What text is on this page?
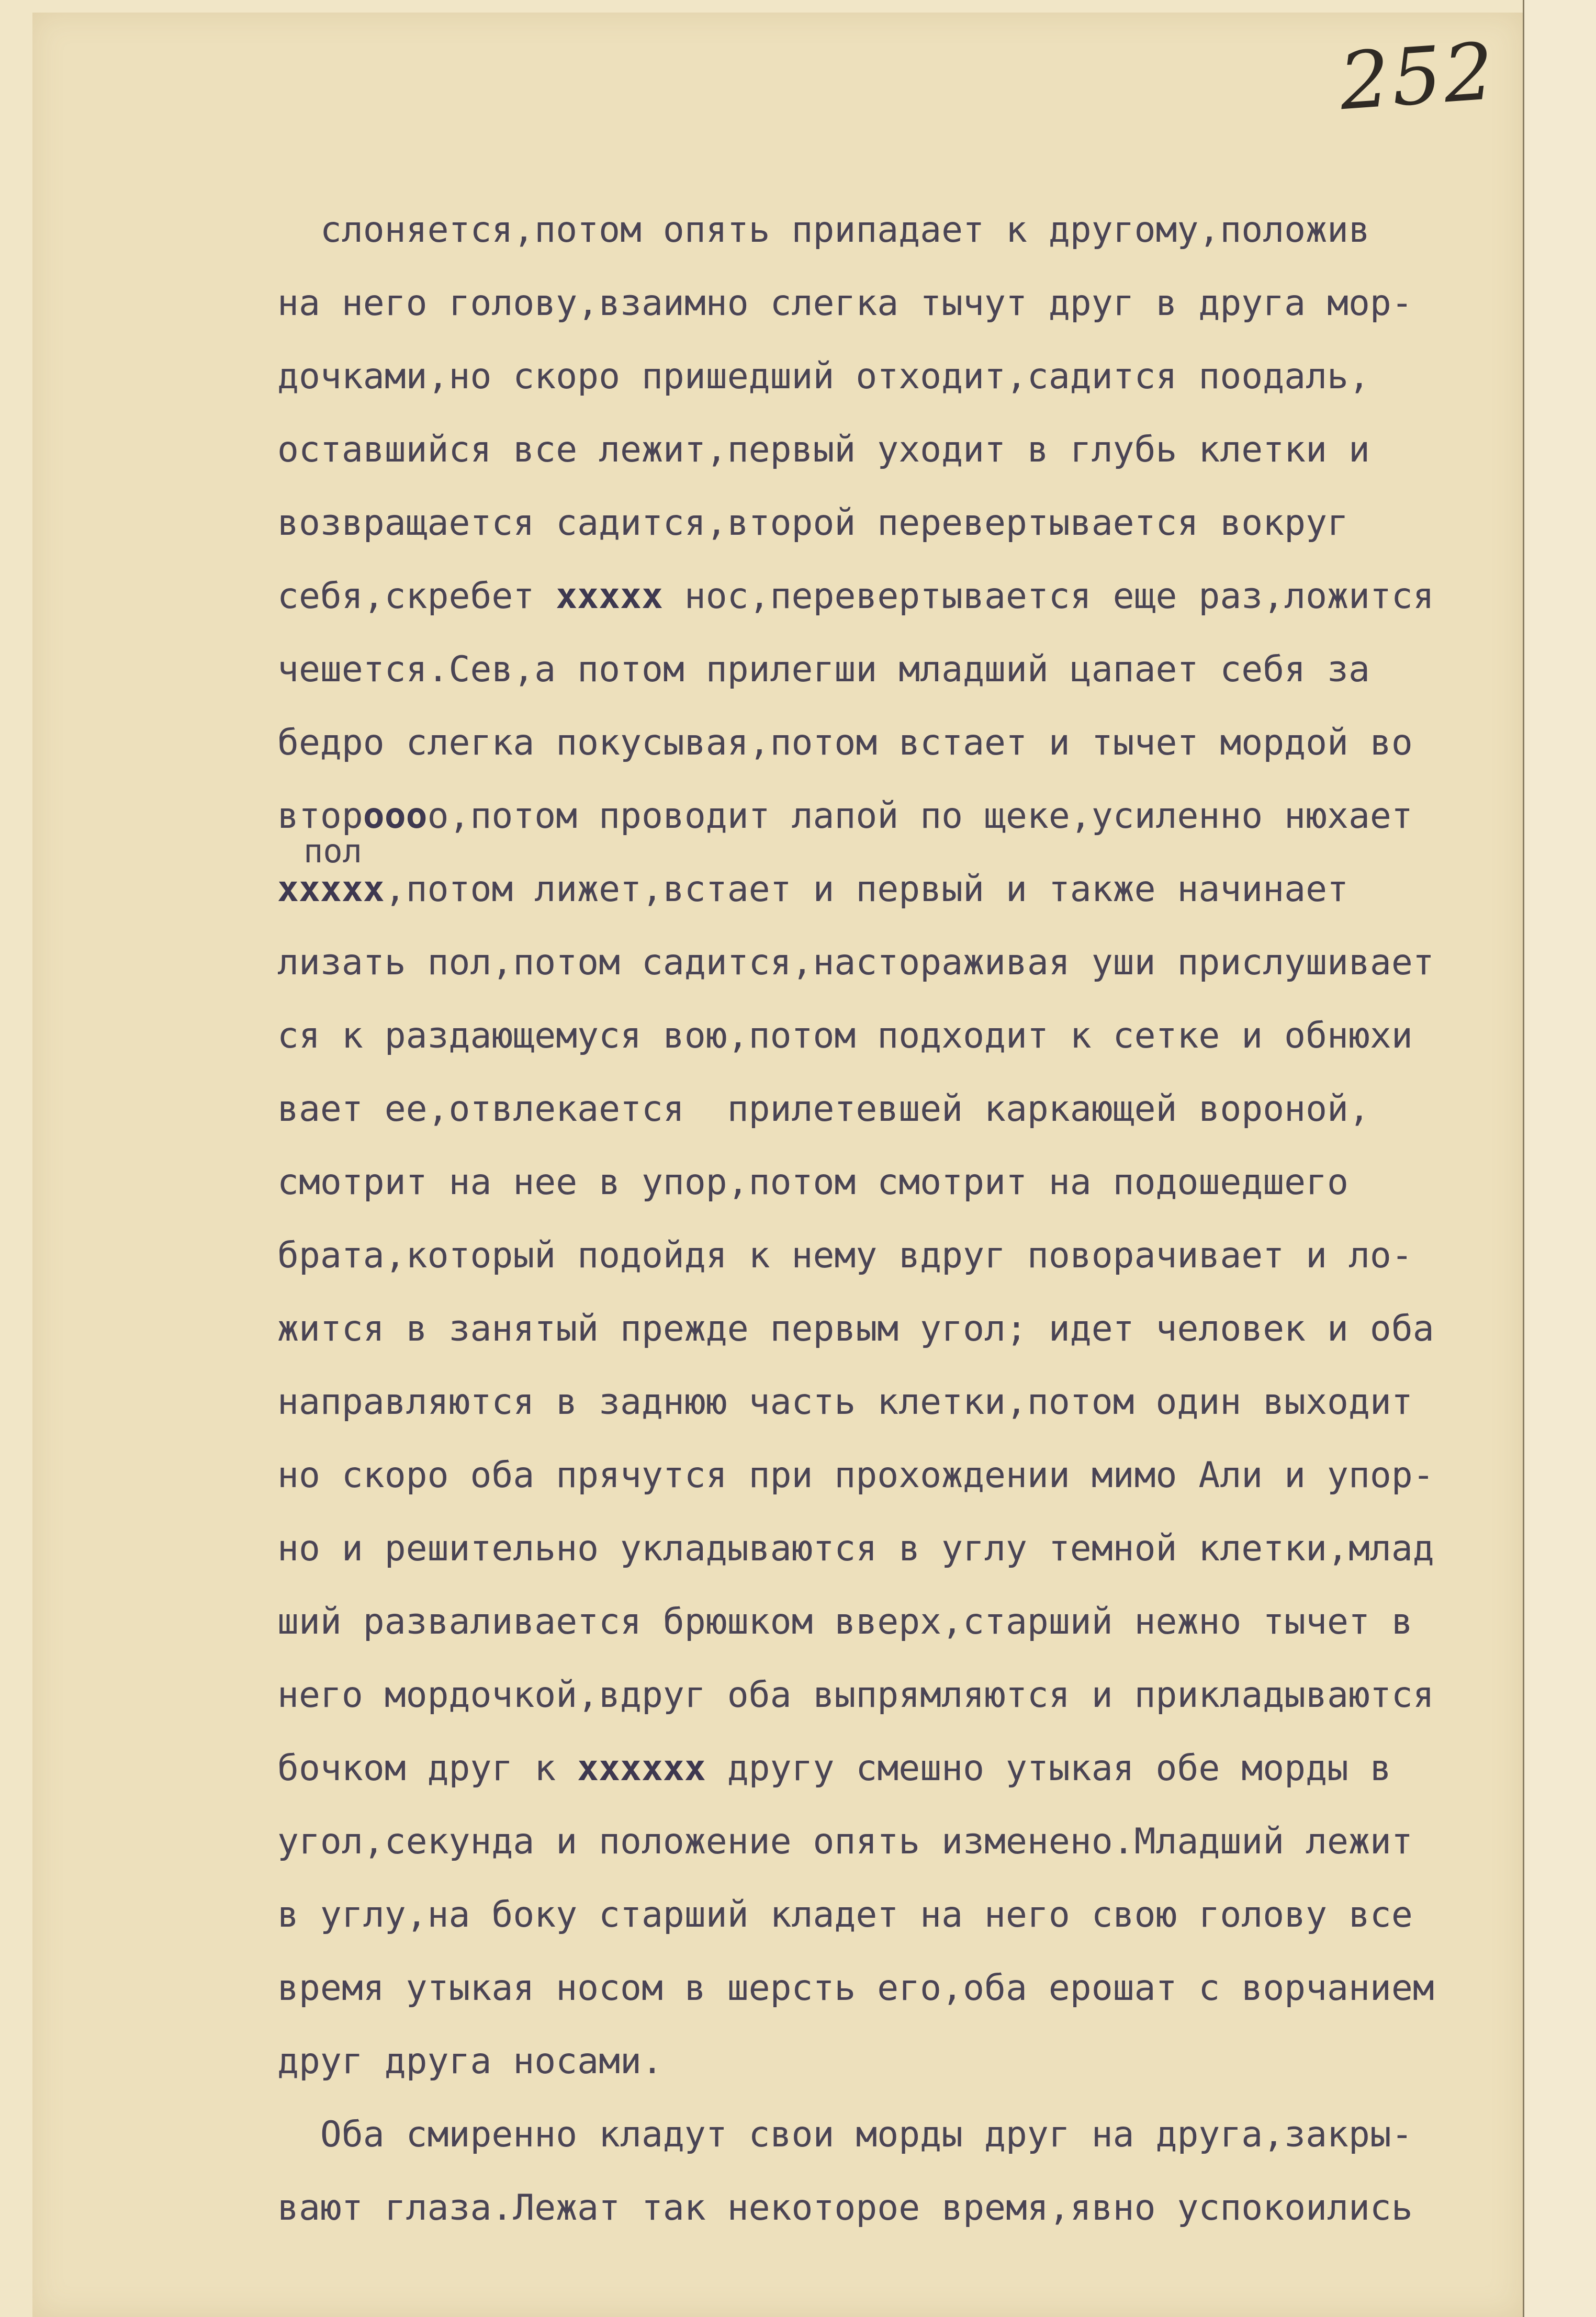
252
пол
слоняется,потом опять припадает к другому,положив
на него голову,взаимно слегка тычут друг в друга мор-
дочками,но скоро пришедший отходит,садится поодаль,
оставшийся все лежит,первый уходит в глубь клетки и
возвращается садится,второй перевертывается вокруг
себя,скребет xxxxx нос,перевертывается еще раз,ложится
чешется.Сев,а потом прилегши младший цапает себя за
бедро слегка покусывая,потом встает и тычет мордой во
вторoooо,потом проводит лапой по щеке,усиленно нюхает
xxxxx,потом лижет,встает и первый и также начинает
лизать пол,потом садится,настораживая уши прислушивает
ся к раздающемуся вою,потом подходит к сетке и обнюхи
вает ее,отвлекается  прилетевшей каркающей вороной,
смотрит на нее в упор,потом смотрит на подошедшего
брата,который подойдя к нему вдруг поворачивает и ло-
жится в занятый прежде первым угол; идет человек и оба
направляются в заднюю часть клетки,потом один выходит
но скоро оба прячутся при прохождении мимо Али и упор-
но и решительно укладываются в углу темной клетки,млад
ший разваливается брюшком вверх,старший нежно тычет в
него мордочкой,вдруг оба выпрямляются и прикладываются
бочком друг к xxxxxx другу смешно утыкая обе морды в
угол,секунда и положение опять изменено.Младший лежит
в углу,на боку старший кладет на него свою голову все
время утыкая носом в шерсть его,оба ерошат с ворчанием
друг друга носами.
Оба смиренно кладут свои морды друг на друга,закры-
вают глаза.Лежат так некоторое время,явно успокоились
